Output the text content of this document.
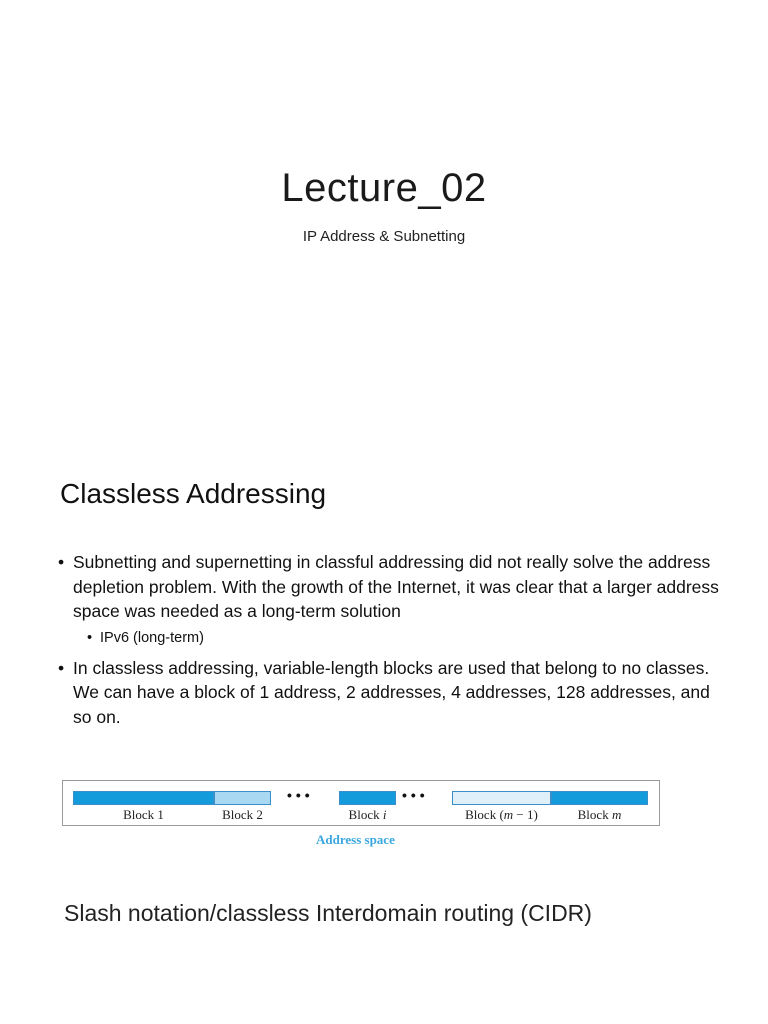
Lecture_02
IP Address & Subnetting
Classless Addressing
• Subnetting and supernetting in classful addressing did not really solve the address depletion problem. With the growth of the Internet, it was clear that a larger address space was needed as a long-term solution
• IPv6 (long-term)
• In classless addressing, variable-length blocks are used that belong to no classes. We can have a block of 1 address, 2 addresses, 4 addresses, 128 addresses, and so on.
•••	•••
Block 1	Block 2	Block i	Block (m − 1)	Block m
Address space
Slash notation/classless Interdomain routing (CIDR)
